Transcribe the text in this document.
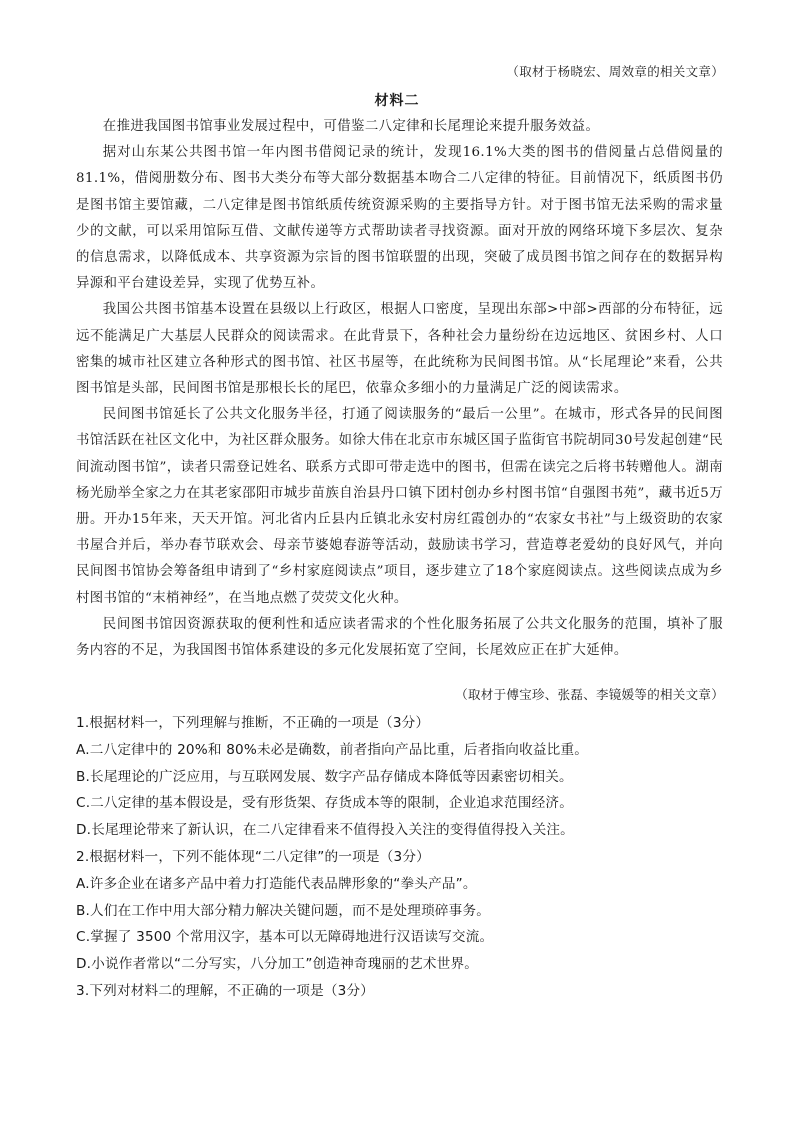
（取材于杨晓宏、周效章的相关文章）
材料二

在推进我国图书馆事业发展过程中，可借鉴二八定律和长尾理论来提升服务效益。

据对山东某公共图书馆一年内图书借阅记录的统计，发现16.1%大类的图书的借阅量占总借阅量的81.1%，借阅册数分布、图书大类分布等大部分数据基本吻合二八定律的特征。目前情况下，纸质图书仍是图书馆主要馆藏，二八定律是图书馆纸质传统资源采购的主要指导方针。对于图书馆无法采购的需求量少的文献，可以采用馆际互借、文献传递等方式帮助读者寻找资源。面对开放的网络环境下多层次、复杂的信息需求，以降低成本、共享资源为宗旨的图书馆联盟的出现，突破了成员图书馆之间存在的数据异构异源和平台建设差异，实现了优势互补。

我国公共图书馆基本设置在县级以上行政区，根据人口密度，呈现出东部>中部>西部的分布特征，远远不能满足广大基层人民群众的阅读需求。在此背景下，各种社会力量纷纷在边远地区、贫困乡村、人口密集的城市社区建立各种形式的图书馆、社区书屋等，在此统称为民间图书馆。从“长尾理论”来看，公共图书馆是头部，民间图书馆是那根长长的尾巴，依靠众多细小的力量满足广泛的阅读需求。

民间图书馆延长了公共文化服务半径，打通了阅读服务的“最后一公里”。在城市，形式各异的民间图书馆活跃在社区文化中，为社区群众服务。如徐大伟在北京市东城区国子监街官书院胡同30号发起创建“民间流动图书馆”，读者只需登记姓名、联系方式即可带走选中的图书，但需在读完之后将书转赠他人。湖南杨光励举全家之力在其老家邵阳市城步苗族自治县丹口镇下团村创办乡村图书馆“自强图书苑”，藏书近5万册。开办15年来，天天开馆。河北省内丘县内丘镇北永安村房红霞创办的“农家女书社”与上级资助的农家书屋合并后，举办春节联欢会、母亲节婆媳春游等活动，鼓励读书学习，营造尊老爱幼的良好风气，并向民间图书馆协会筹备组申请到了“乡村家庭阅读点”项目，逐步建立了18个家庭阅读点。这些阅读点成为乡村图书馆的“末梢神经”，在当地点燃了荧荧文化火种。

民间图书馆因资源获取的便利性和适应读者需求的个性化服务拓展了公共文化服务的范围，填补了服务内容的不足，为我国图书馆体系建设的多元化发展拓宽了空间，长尾效应正在扩大延伸。

（取材于傅宝珍、张磊、李镜媛等的相关文章）
1.根据材料一，下列理解与推断，不正确的一项是（3分）
A.二八定律中的 20%和 80%未必是确数，前者指向产品比重，后者指向收益比重。
B.长尾理论的广泛应用，与互联网发展、数字产品存储成本降低等因素密切相关。
C.二八定律的基本假设是，受有形货架、存货成本等的限制，企业追求范围经济。
D.长尾理论带来了新认识，在二八定律看来不值得投入关注的变得值得投入关注。
2.根据材料一，下列不能体现“二八定律”的一项是（3分）
A.许多企业在诸多产品中着力打造能代表品牌形象的“拳头产品”。
B.人们在工作中用大部分精力解决关键问题，而不是处理琐碎事务。
C.掌握了 3500 个常用汉字，基本可以无障碍地进行汉语读写交流。
D.小说作者常以“二分写实，八分加工”创造神奇瑰丽的艺术世界。
3.下列对材料二的理解，不正确的一项是（3分）
